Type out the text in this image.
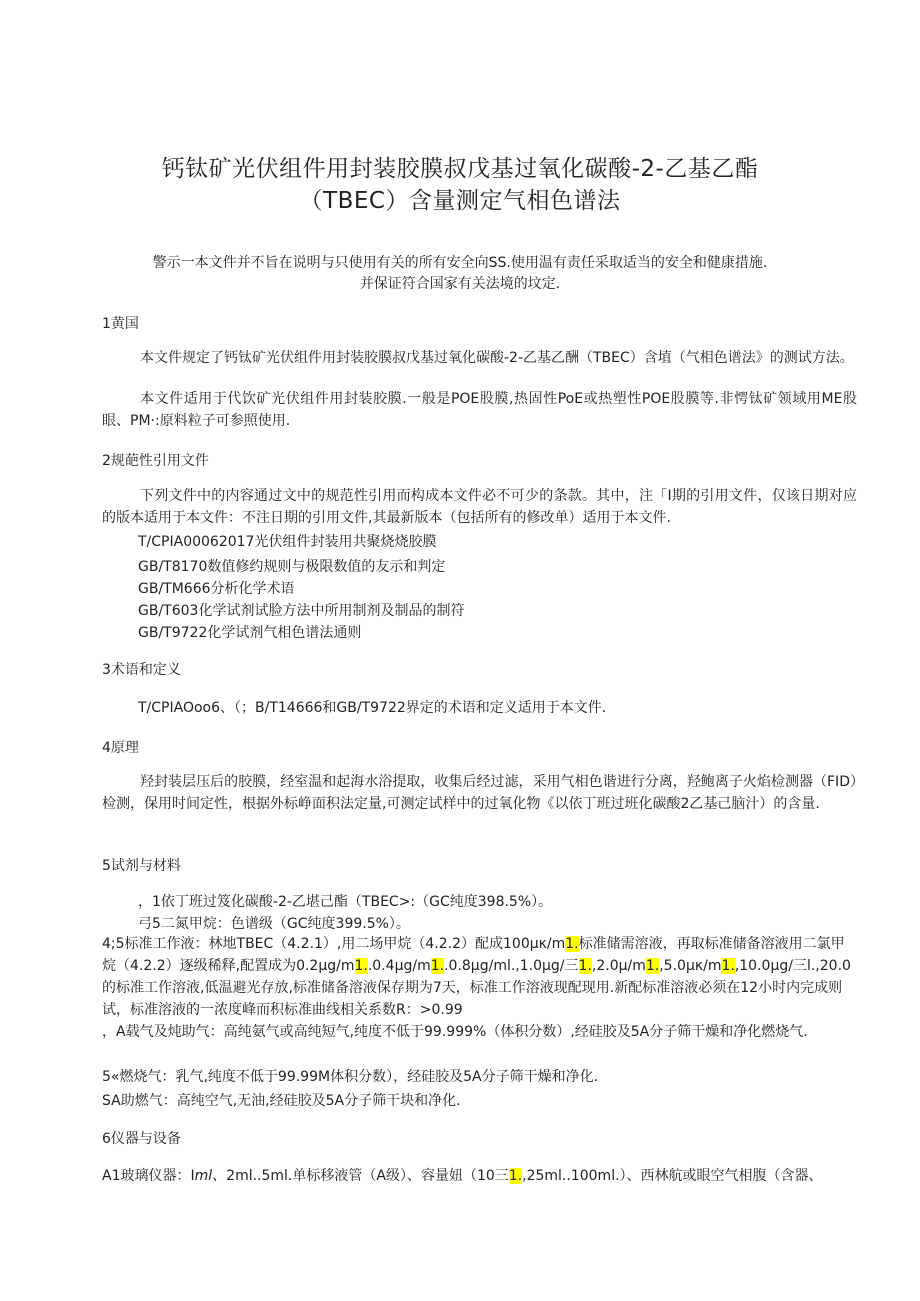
钙钛矿光伏组件用封装胶膜叔戊基过氧化碳酸-2-乙基乙酯
（TBEC）含量测定气相色谱法
警示一本文件并不旨在说明与只使用有关的所有安全向SS.使用温有责任采取适当的安全和健康措施.
并保证符合国家有关法境的坟定.
1黄国
本文件规定了钙钛矿光伏组件用封装胶膜叔戊基过氧化碳酸-2-乙基乙酬（TBEC）含埴（气相色谱法》的测试方法。
本文件适用于代饮矿光伏组件用封装胶膜.一般是POE股膜,热固性PoE或热塑性POE股膜等.非愕钛矿领域用ME股眼、PM·:原料粒子可参照使用.
2规葩性引用文件
下列文件中的内容通过文中的规范性引用而构成本文件必不可少的条款。其中，注「I期的引用文件，仅该日期对应的版本适用于本文件：不注日期的引用文件,其最新版本（包括所有的修改单）适用于本文件.
T/CPIA00062017光伏组件封装用共聚烧烧胶膜
GB/T8170数值修约规则与极限数值的友示和判定
GB/TM666分析化学术语
GB/T603化学试剂试脸方法中所用制剂及制品的制符
GB/T9722化学试剂气相色谱法通则
3术语和定义
T/CPIAOoo6、（；B/T14666和GB/T9722界定的术语和定义适用于本文件.
4原理
羟封装层压后的胶膜，经室温和起海水浴提取，收集后经过滤，采用气相色谐进行分离，羟鲍离子火焰检测器（FID）检测，保用时间定性，根据外标峥面积法定量,可测定试样中的过氧化物《以依丁班过班化碳酸2乙基己脑汁）的含量.
5试剂与材料
，1依丁班过笈化碳酸-2-乙堪己酯（TBEC>:（GC纯度398.5%）。
弓5二氮甲烷：色谱级（GC纯度399.5%）。
4;5标准工作液：林地TBEC（4.2.1）,用二场甲烷（4.2.2）配成100μκ/m1.标准储需溶液，再取标准储备溶液用二氯甲烷（4.2.2）逐级稀释,配置成为0.2μg/m1..0.4μg/m1..0.8μg/ml.,1.0μg/三1.,2.0μ/m1.,5.0μκ/m1.,10.0μg/三l.,20.0的标准工作溶液,低温避光存放,标准储备溶液保存期为7天，标准工作溶液现配现用.新配标准溶液必须在12小时内完成则试，标准溶液的一浓度峰而积标准曲线相关系数R：>0.99
，A载气及炖助气：高纯氨气或高纯短气,纯度不低于99.999%（体积分数）,经硅胶及5A分子筛干燥和净化燃烧气.
5«燃烧气：乳气,纯度不低于99.99M体积分数），经硅胶及5A分子筛干燥和净化.
SA助燃气：高纯空气,无油,经硅胶及5A分子筛干块和净化.
6仪器与设备
A1玻璃仪器：Iml、2ml..5ml.单标移液管（A级）、容量妞（10三1.,25ml..100ml.）、西林航或眼空气相腹（含器、
